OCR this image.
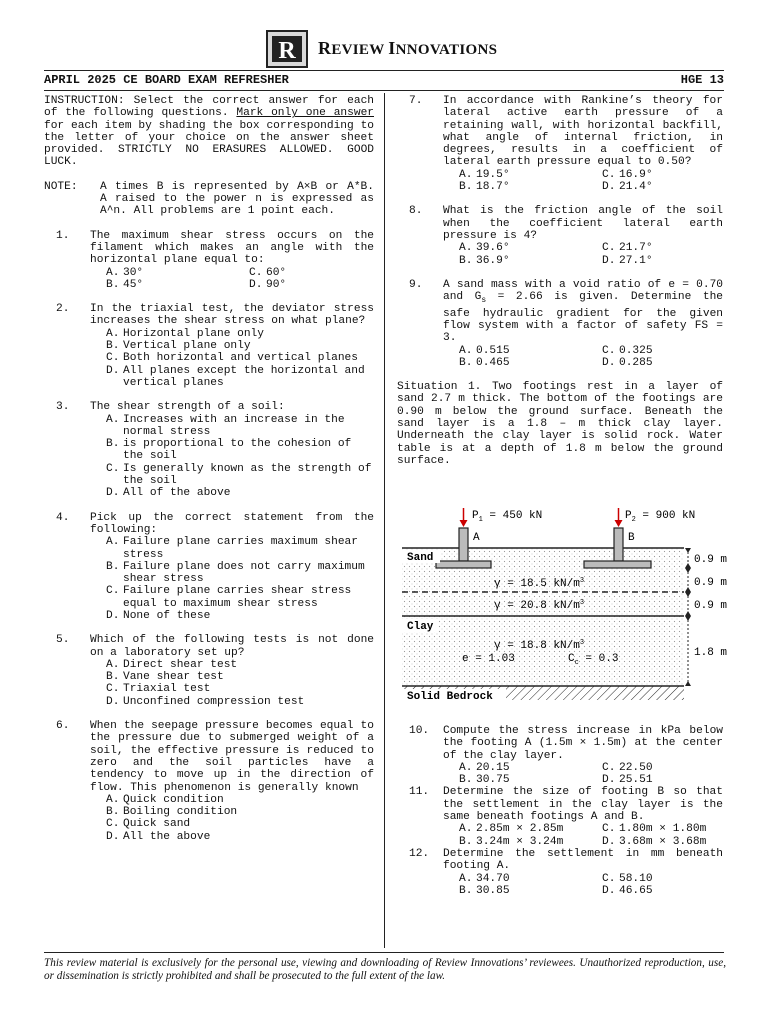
R REVIEW INNOVATIONS
APRIL 2025 CE BOARD EXAM REFRESHER	HGE 13

INSTRUCTION: Select the correct answer for each of the following questions. Mark only one answer for each item by shading the box corresponding to the letter of your choice on the answer sheet provided. STRICTLY NO ERASURES ALLOWED. GOOD LUCK.

NOTE:	A times B is represented by A×B or A*B. A raised to the power n is expressed as A^n. All problems are 1 point each.
1.	The maximum shear stress occurs on the filament which makes an angle with the horizontal plane equal to:

A. 30°	C. 60°
B. 45°	D. 90°
2.	In the triaxial test, the deviator stress increases the shear stress on what plane?

A. Horizontal plane only
B. Vertical plane only
C. Both horizontal and vertical planes
D. All planes except the horizontal and vertical planes
3.	The shear strength of a soil:

A. Increases with an increase in the normal stress
B. is proportional to the cohesion of the soil
C. Is generally known as the strength of the soil
D. All of the above
4.	Pick up the correct statement from the following:

A. Failure plane carries maximum shear stress
B. Failure plane does not carry maximum shear stress
C. Failure plane carries shear stress equal to maximum shear stress
D. None of these
5.	Which of the following tests is not done on a laboratory set up?

A. Direct shear test
B. Vane shear test
C. Triaxial test
D. Unconfined compression test
6.	When the seepage pressure becomes equal to the pressure due to submerged weight of a soil, the effective pressure is reduced to zero and the soil particles have a tendency to move up in the direction of flow. This phenomenon is generally known

A. Quick condition
B. Boiling condition
C. Quick sand
D. All the above
7.	In accordance with Rankine’s theory for lateral active earth pressure of a retaining wall, with horizontal backfill, what angle of internal friction, in degrees, results in a coefficient of lateral earth pressure equal to 0.50?

A. 19.5°	C. 16.9°
B. 18.7°	D. 21.4°
8.	What is the friction angle of the soil when the coefficient lateral earth pressure is 4?

A. 39.6°	C. 21.7°
B. 36.9°	D. 27.1°
9.	A sand mass with a void ratio of e = 0.70 and $G_s = 2.66$ is given. Determine the safe hydraulic gradient for the given flow system with a factor of safety FS = 3.

A. 0.515	C. 0.325
B. 0.465	D. 0.285
Situation 1. Two footings rest in a layer of sand 2.7 m thick. The bottom of the footings are 0.90 m below the ground surface. Beneath the sand layer is a 1.8 – m thick clay layer. Underneath the clay layer is solid rock. Water table is at a depth of 1.8 m below the ground surface.
$P_1 = 450$ kN	$P_2 = 900$ kN
A	B
Sand
Clay
Solid Bedrock
γ = 18.5 $kN/m^3$
γ = 20.8 $kN/m^3$
γ = 18.8 $kN/m^3$
e = 1.03	$C_c = 0.3$
0.9 m
0.9 m
0.9 m
1.8 m
10.	Compute the stress increase in kPa below the footing A (1.5m × 1.5m) at the center of the clay layer.

A. 20.15	C. 22.50
B. 30.75	D. 25.51
11.	Determine the size of footing B so that the settlement in the clay layer is the same beneath footings A and B.

A. 2.85m × 2.85m	C. 1.80m × 1.80m
B. 3.24m × 3.24m	D. 3.68m × 3.68m
12.	Determine the settlement in mm beneath footing A.

A. 34.70	C. 58.10
B. 30.85	D. 46.65
This review material is exclusively for the personal use, viewing and downloading of Review Innovations’ reviewees. Unauthorized reproduction, use, or dissemination is strictly prohibited and shall be prosecuted to the full extent of the law.
